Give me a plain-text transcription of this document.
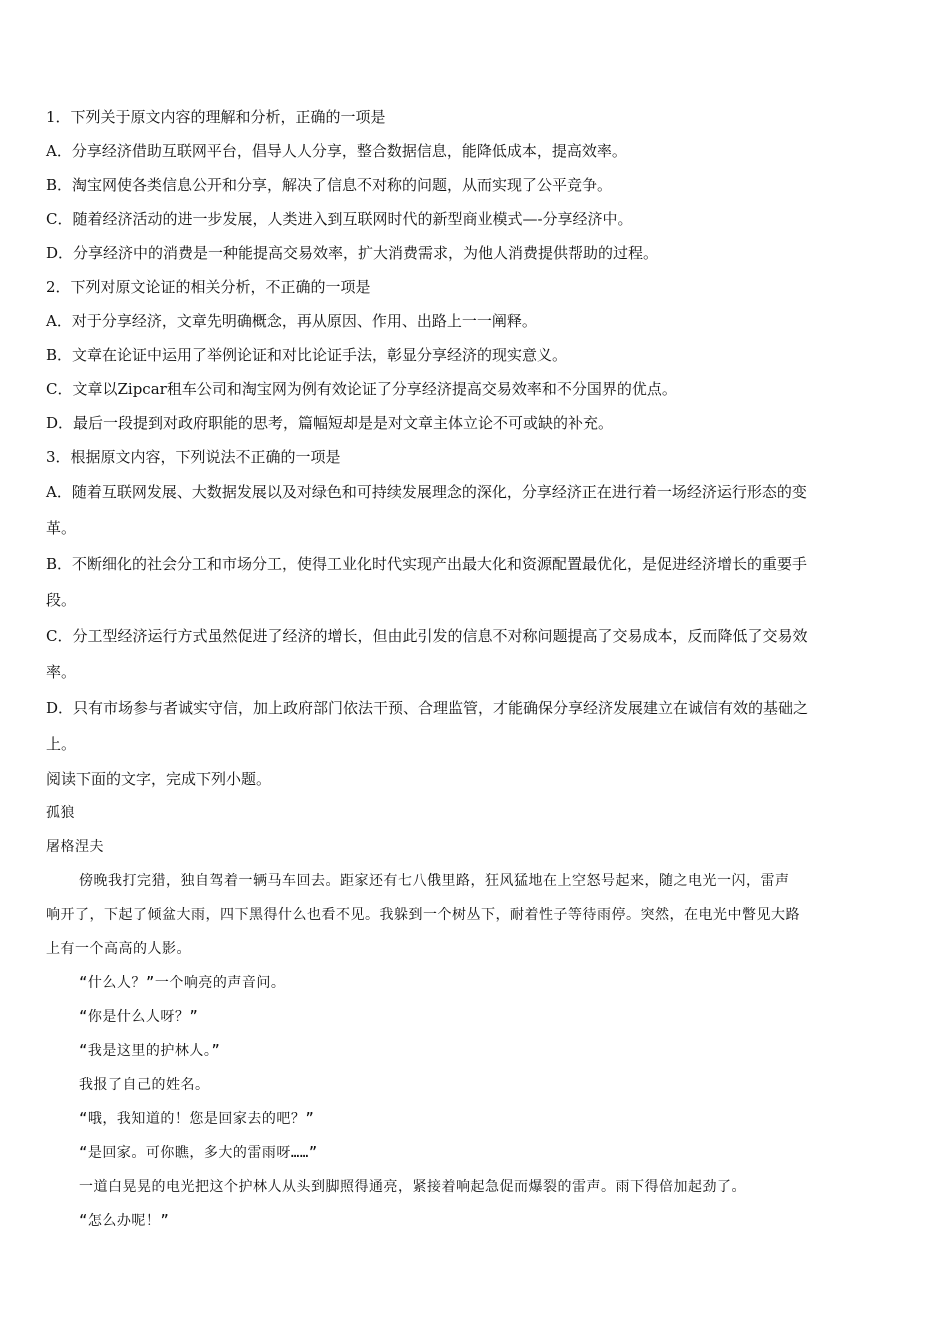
1．下列关于原文内容的理解和分析，正确的一项是
A．分享经济借助互联网平台，倡导人人分享，整合数据信息，能降低成本，提高效率。
B．淘宝网使各类信息公开和分享，解决了信息不对称的问题，从而实现了公平竞争。
C．随着经济活动的进一步发展，人类进入到互联网时代的新型商业模式—-分享经济中。
D．分享经济中的消费是一种能提高交易效率，扩大消费需求，为他人消费提供帮助的过程。
2．下列对原文论证的相关分析，不正确的一项是
A．对于分享经济，文章先明确概念，再从原因、作用、出路上一一阐释。
B．文章在论证中运用了举例论证和对比论证手法，彰显分享经济的现实意义。
C．文章以Zipcar租车公司和淘宝网为例有效论证了分享经济提高交易效率和不分国界的优点。
D．最后一段提到对政府职能的思考，篇幅短却是是对文章主体立论不可或缺的补充。
3．根据原文内容，下列说法不正确的一项是
A．随着互联网发展、大数据发展以及对绿色和可持续发展理念的深化，分享经济正在进行着一场经济运行形态的变
革。
B．不断细化的社会分工和市场分工，使得工业化时代实现产出最大化和资源配置最优化，是促进经济增长的重要手
段。
C．分工型经济运行方式虽然促进了经济的增长，但由此引发的信息不对称问题提高了交易成本，反而降低了交易效
率。
D．只有市场参与者诚实守信，加上政府部门依法干预、合理监管，才能确保分享经济发展建立在诚信有效的基础之
上。
阅读下面的文字，完成下列小题。
孤狼
屠格涅夫
傍晚我打完猎，独自驾着一辆马车回去。距家还有七八俄里路，狂风猛地在上空怒号起来，随之电光一闪，雷声
响开了，下起了倾盆大雨，四下黑得什么也看不见。我躲到一个树丛下，耐着性子等待雨停。突然，在电光中瞥见大路
上有一个高高的人影。
“什么人？”一个响亮的声音问。
“你是什么人呀？”
“我是这里的护林人。”
我报了自己的姓名。
“哦，我知道的！您是回家去的吧？”
“是回家。可你瞧，多大的雷雨呀……”
一道白晃晃的电光把这个护林人从头到脚照得通亮，紧接着响起急促而爆裂的雷声。雨下得倍加起劲了。
“怎么办呢！”
